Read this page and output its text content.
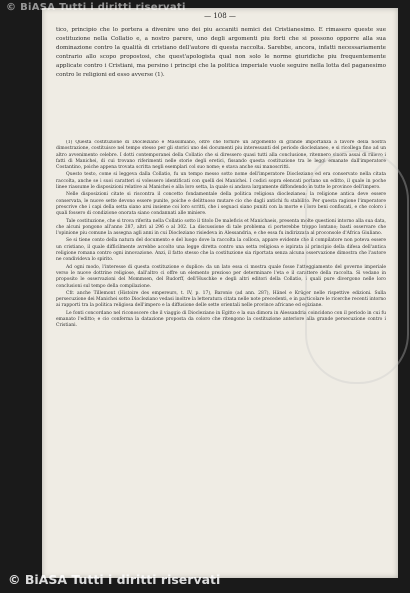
— 108 —
tico, principio che lo portera a divenire uno dei piu accaniti nemici dei Cristianesimo. E rimasero queste sue costituzione nella Collatio e, a nostro parere, uno degli argomenti piu forti che si possono opporre alla sua dominazione contro la qualità di cristiano dell'autore di questa raccolta. Sarebbe, ancora, infatti necessariamente contrario allo scopo propostosi, che quest'apologista qual non solo le norme giuridiche piu frequentemente applicate contro i Cristiani, ma persino i principi che la politica imperiale vuole seguire nella lotta del paganesimo contro le religioni ed esso avverse (1).

(1) Questa costituzione di Diocleziano e Massimiano, oltre che fornire un argomento di grande importanza a favore della nostra dimostrazione, costituisce nel tempo stesso per gli storici uno dei documenti piu interessanti del periodo dioclezianeo, e si ricollega fino ad un altro avvenimento celebre. I dotti contemporanei della Collatio che si diressero quasi tutti alla conclusione, ritennero sinora assai di rilievo i fatti di Manichei, di cui trovano riferimenti nelle storie degli eretici, fissando questa costituzione tra le leggi emanate dall'imperatore Costantino, poiche appena trovata scritta negli esemplari col suo nome; e stava anche sui manoscritti.

Questo testo, come si leggeva dalla Collatio, fu un tempo messo sotto nome dell'imperatore Diocleziano ed era conservato nella citata raccolta, anche se i suoi caratteri si volessero identificati con quelli dei Manichei. I codici sopra elencati portano un editto, il quale in poche linee riassume le disposizioni relative ai Manichei e alla loro setta, la quale si andava largamente diffondendo in tutte le province dell'impero.

Nelle disposizioni citate si riscontra il concetto fondamentale della politica religiosa dioclezianea: la religione antica deve essere conservata, le nuove sette devono essere punite, poiche e delittuoso mutare cio che dagli antichi fu stabilito. Per questa ragione l'imperatore prescrive che i capi della setta siano arsi insieme coi loro scritti, che i seguaci siano puniti con la morte e i loro beni confiscati, e che coloro i quali fossero di condizione onorata siano condannati alle miniere.

Tale costituzione, che si trova riferita nella Collatio sotto il titolo De maleficis et Manichaeis, presenta molte questioni intorno alla sua data, che alcuni pongono all'anno 287, altri al 296 o al 302. La discussione di tale problema ci porterebbe troppo lontano; basti osservare che l'opinione piu comune la assegna agli anni in cui Diocleziano risiedeva in Alessandria, e che essa fu indirizzata al proconsole d'Africa Giuliano.

Se si tiene conto della natura del documento e del luogo dove la raccolta la colloca, appare evidente che il compilatore non poteva essere un cristiano, il quale difficilmente avrebbe accolto una legge diretta contro una setta religiosa e ispirata al principio della difesa dell'antica religione romana contro ogni innovazione. Anzi, il fatto stesso che la costituzione sia riportata senza alcuna osservazione dimostra che l'autore ne condivideva lo spirito.

Ad ogni modo, l'interesse di questa costituzione e duplice: da un lato essa ci mostra quale fosse l'atteggiamento del governo imperiale verso le nuove dottrine religiose, dall'altro ci offre un elemento prezioso per determinare l'eta e il carattere della raccolta. Si vedano in proposito le osservazioni del Mommsen, del Rudorff, dell'Huschke e degli altri editori della Collatio, i quali pure divergono nelle loro conclusioni sul tempo della compilazione.

Cfr. anche Tillemont (Histoire des empereurs, t. IV, p. 17), Baronio (ad ann. 287), Hänel e Krüger nelle rispettive edizioni. Sulla persecuzione dei Manichei sotto Diocleziano vedasi inoltre la letteratura citata nelle note precedenti, e in particolare le ricerche recenti intorno ai rapporti tra la politica religiosa dell'impero e la diffusione delle sette orientali nelle province africane ed egiziane.

Le fonti concordano nel riconoscere che il viaggio di Diocleziano in Egitto e la sua dimora in Alessandria coincidono con il periodo in cui fu emanato l'editto; e cio conferma la datazione proposta da coloro che ritengono la costituzione anteriore alla grande persecuzione contro i Cristiani.

© BiASA Tutti i diritti riservati
© BiASA Tutti i diritti riservati
